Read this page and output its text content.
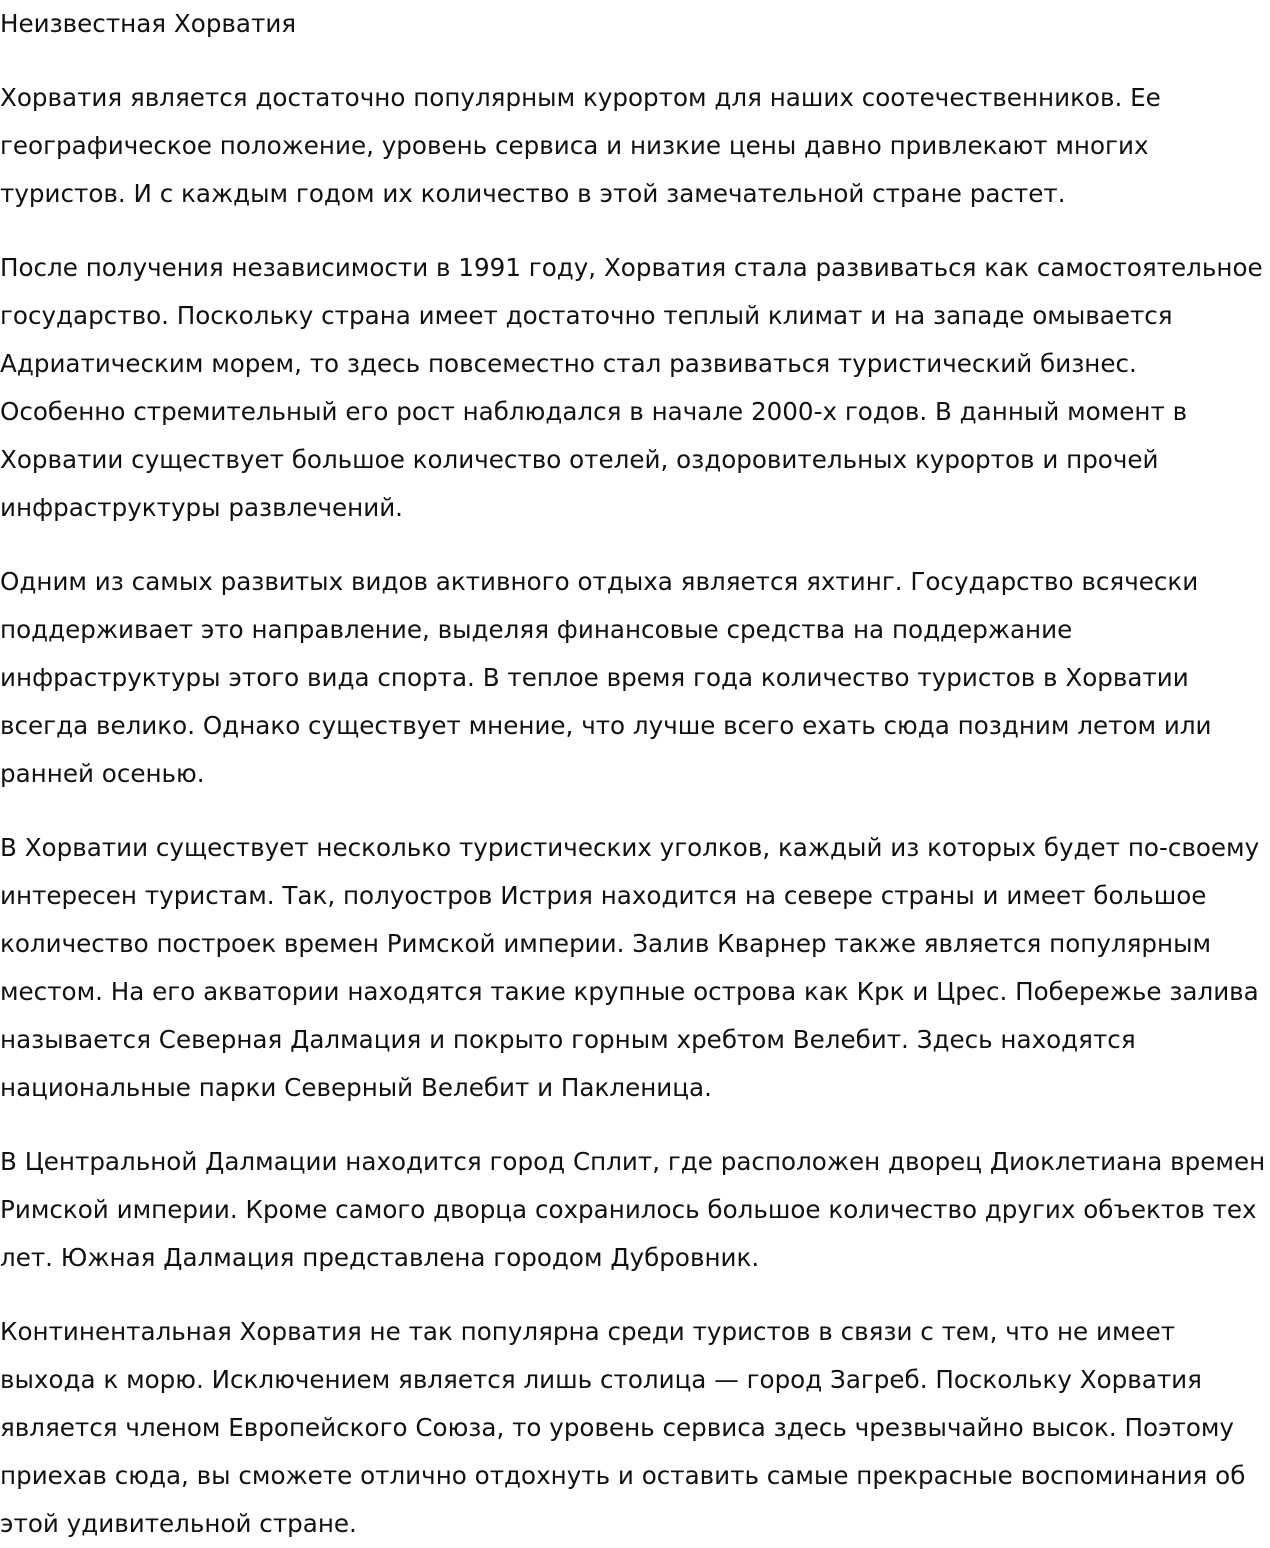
Неизвестная Хорватия

Хорватия является достаточно популярным курортом для наших соотечественников. Ее географическое положение, уровень сервиса и низкие цены давно привлекают многих туристов. И с каждым годом их количество в этой замечательной стране растет.

После получения независимости в 1991 году, Хорватия стала развиваться как самостоятельное государство. Поскольку страна имеет достаточно теплый климат и на западе омывается Адриатическим морем, то здесь повсеместно стал развиваться туристический бизнес. Особенно стремительный его рост наблюдался в начале 2000-х годов. В данный момент в Хорватии существует большое количество отелей, оздоровительных курортов и прочей инфраструктуры развлечений.

Одним из самых развитых видов активного отдыха является яхтинг. Государство всячески поддерживает это направление, выделяя финансовые средства на поддержание инфраструктуры этого вида спорта. В теплое время года количество туристов в Хорватии всегда велико. Однако существует мнение, что лучше всего ехать сюда поздним летом или ранней осенью.

В Хорватии существует несколько туристических уголков, каждый из которых будет по-своему интересен туристам. Так, полуостров Истрия находится на севере страны и имеет большое количество построек времен Римской империи. Залив Кварнер также является популярным местом. На его акватории находятся такие крупные острова как Крк и Црес. Побережье залива называется Северная Далмация и покрыто горным хребтом Велебит. Здесь находятся национальные парки Северный Велебит и Пакленица.

В Центральной Далмации находится город Сплит, где расположен дворец Диоклетиана времен Римской империи. Кроме самого дворца сохранилось большое количество других объектов тех лет. Южная Далмация представлена городом Дубровник.

Континентальная Хорватия не так популярна среди туристов в связи с тем, что не имеет выхода к морю. Исключением является лишь столица — город Загреб. Поскольку Хорватия является членом Европейского Союза, то уровень сервиса здесь чрезвычайно высок. Поэтому приехав сюда, вы сможете отлично отдохнуть и оставить самые прекрасные воспоминания об этой удивительной стране.
